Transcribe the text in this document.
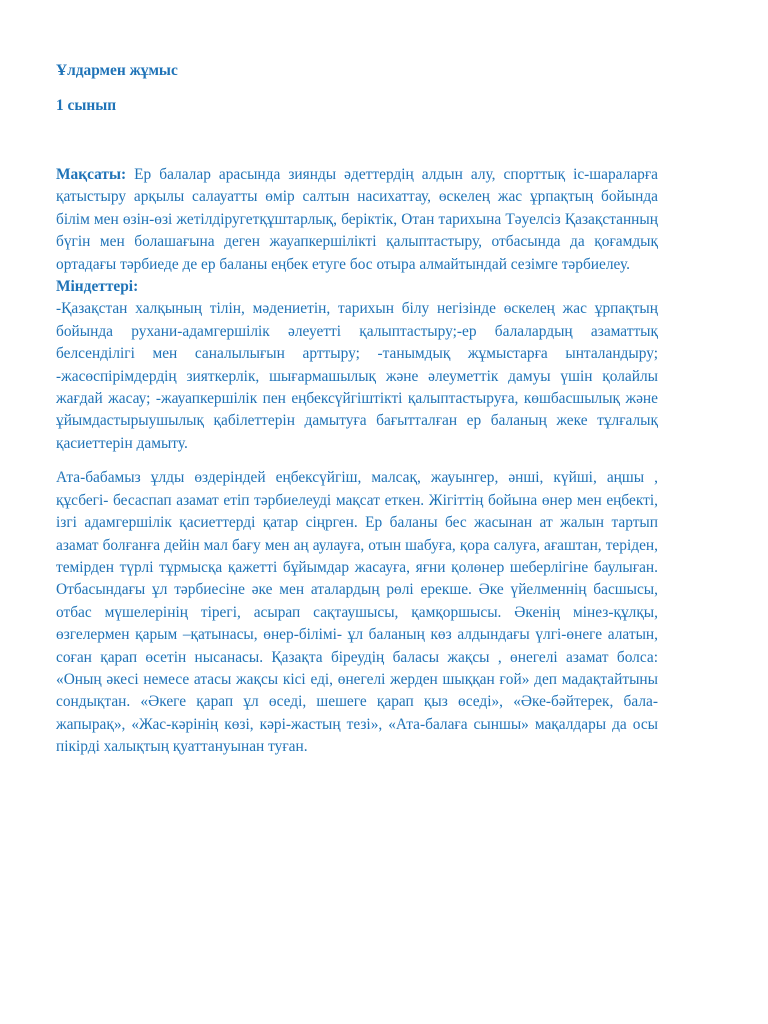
Ұлдармен жұмыс

1 сынып

Мақсаты: Ер балалар арасында зиянды әдеттердің алдын алу, спорттық іс-шараларға қатыстыру арқылы салауатты өмір салтын насихаттау, өскелең жас ұрпақтың бойында білім мен өзін-өзі жетілдіругетқұштарлық, беріктік, Отан тарихына Тәуелсіз Қазақстанның бүгін мен болашағына деген жауапкершілікті қалыптастыру, отбасында да қоғамдық ортадағы тәрбиеде де ер баланы еңбек етуге бос отыра алмайтындай сезімге тәрбиелеу.

Міндеттері:

-Қазақстан халқының тілін, мәдениетін, тарихын білу негізінде өскелең жас ұрпақтың бойында рухани-адамгершілік әлеуетті қалыптастыру;-ер балалардың азаматтық белсенділігі мен саналылығын арттыру; -танымдық жұмыстарға ынталандыру; -жасөспірімдердің зияткерлік, шығармашылық және әлеуметтік дамуы үшін қолайлы жағдай жасау; -жауапкершілік пен еңбексүйгіштікті қалыптастыруға, көшбасшылық және ұйымдастырыушылық қабілеттерін дамытуға бағытталған ер баланың жеке тұлғалық қасиеттерін дамыту.

Ата-бабамыз ұлды өздеріндей еңбексүйгіш, малсақ, жауынгер, әнші, күйші, аңшы , құсбегі- бесаспап азамат етіп тәрбиелеуді мақсат еткен. Жігіттің бойына өнер мен еңбекті, ізгі адамгершілік қасиеттерді қатар сіңрген. Ер баланы бес жасынан ат жалын тартып азамат болғанға дейін мал бағу мен аң аулауға, отын шабуға, қора салуға, ағаштан, теріден, темірден түрлі тұрмысқа қажетті бұйымдар жасауға, яғни қолөнер шеберлігіне баулыған. Отбасындағы ұл тәрбиесіне әке мен аталардың рөлі ерекше. Әке үйелменнің басшысы, отбас мүшелерінің тірегі, асырап сақтаушысы, қамқоршысы. Әкенің мінез-құлқы, өзгелермен қарым –қатынасы, өнер-білімі- ұл баланың көз алдындағы үлгі-өнеге алатын, соған қарап өсетін нысанасы. Қазақта біреудің баласы жақсы , өнегелі азамат болса: «Оның әкесі немесе атасы жақсы кісі еді, өнегелі жерден шыққан ғой» деп мадақтайтыны сондықтан. «Әкеге қарап ұл өседі, шешеге қарап қыз өседі», «Әке-бәйтерек, бала-жапырақ», «Жас-кәрінің көзі, кәрі-жастың тезі», «Ата-балаға сыншы» мақалдары да осы пікірді халықтың қуаттануынан туған.
